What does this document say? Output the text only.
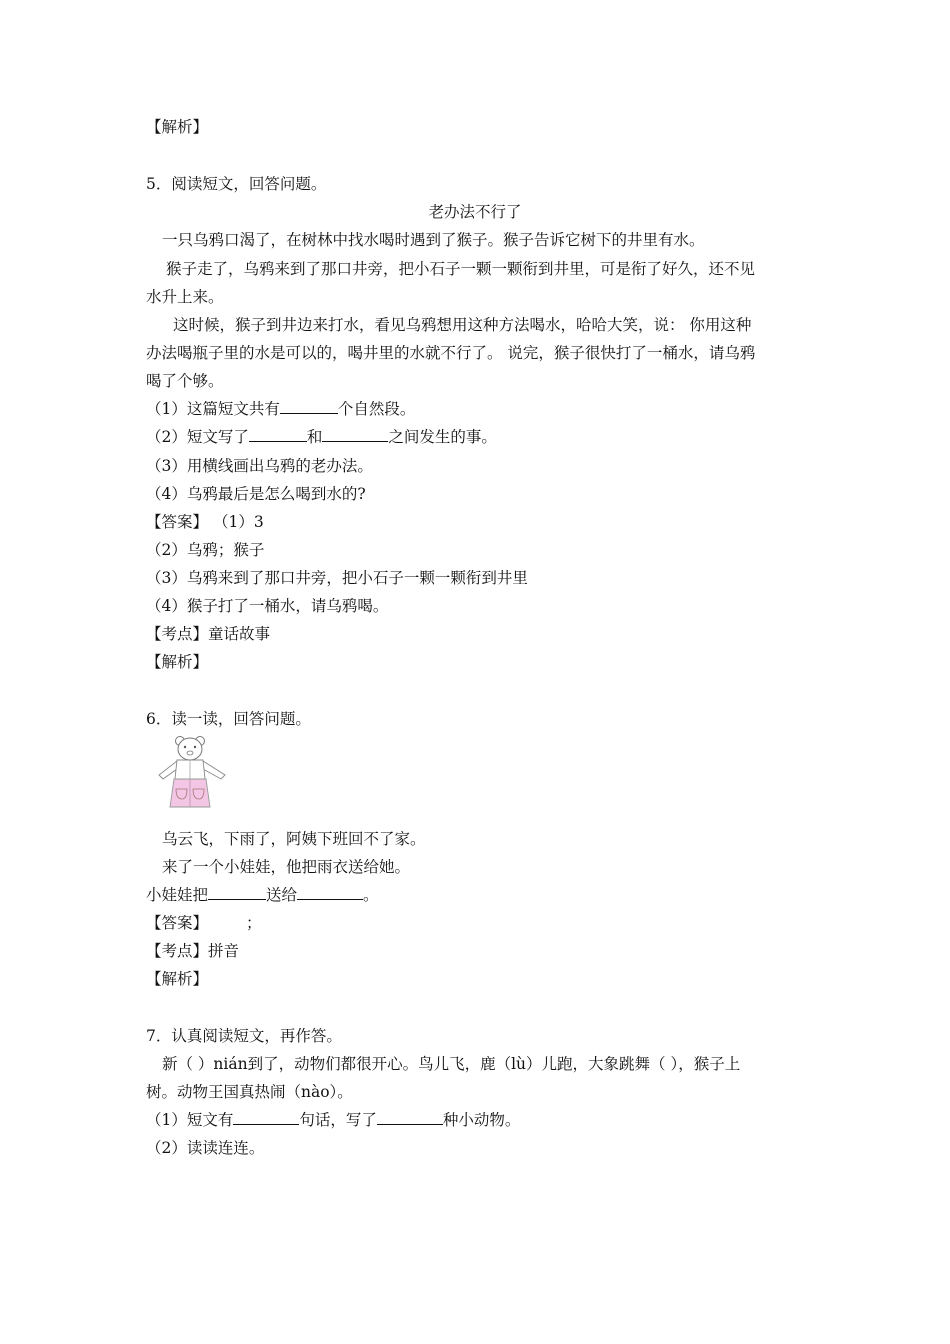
【解析】
5．阅读短文，回答问题。
老办法不行了
一只乌鸦口渴了，在树林中找水喝时遇到了猴子。猴子告诉它树下的井里有水。
猴子走了，乌鸦来到了那口井旁，把小石子一颗一颗衔到井里，可是衔了好久，还不见
水升上来。
这时候，猴子到井边来打水，看见乌鸦想用这种方法喝水，哈哈大笑，说： 你用这种
办法喝瓶子里的水是可以的，喝井里的水就不行了。 说完，猴子很快打了一桶水，请乌鸦
喝了个够。
（1）这篇短文共有	个自然段。
（2）短文写了	和	之间发生的事。
（3）用横线画出乌鸦的老办法。
（4）乌鸦最后是怎么喝到水的?
【答案】 （1）3
（2）乌鸦；猴子
（3）乌鸦来到了那口井旁，把小石子一颗一颗衔到井里
（4）猴子打了一桶水，请乌鸦喝。
【考点】童话故事
【解析】
6．读一读，回答问题。
乌云飞，下雨了，阿姨下班回不了家。
来了一个小娃娃，他把雨衣送给她。
小娃娃把	送给	。
【答案】 ；
【考点】拼音
【解析】
7．认真阅读短文，再作答。
新（ ）nián到了，动物们都很开心。鸟儿飞，鹿（lù）儿跑，大象跳舞（ ），猴子上
树。动物王国真热闹（nào）。
（1）短文有	句话，写了	种小动物。
（2）读读连连。
